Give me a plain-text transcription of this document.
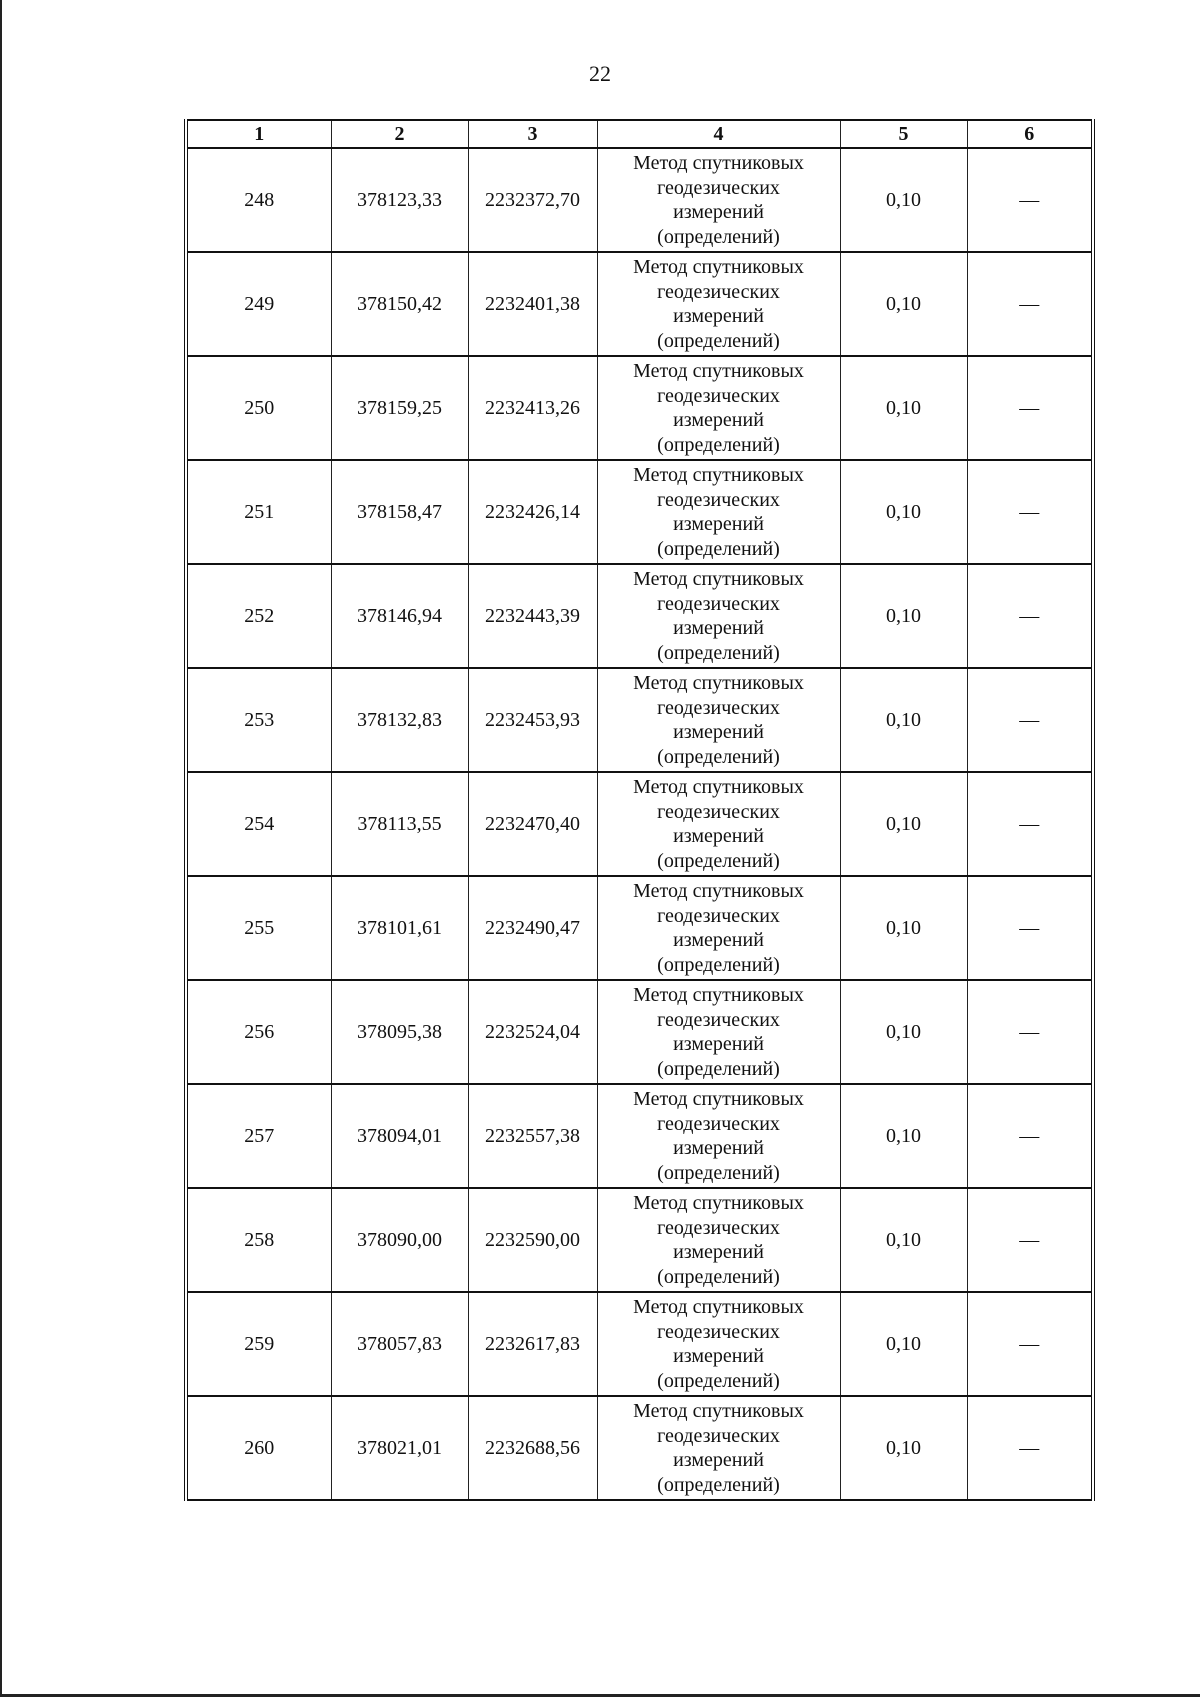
22
1	2	3	4	5	6
248	378123,33	2232372,70	Метод спутниковых
геодезических
измерений
(определений)	0,10	—
249	378150,42	2232401,38	Метод спутниковых
геодезических
измерений
(определений)	0,10	—
250	378159,25	2232413,26	Метод спутниковых
геодезических
измерений
(определений)	0,10	—
251	378158,47	2232426,14	Метод спутниковых
геодезических
измерений
(определений)	0,10	—
252	378146,94	2232443,39	Метод спутниковых
геодезических
измерений
(определений)	0,10	—
253	378132,83	2232453,93	Метод спутниковых
геодезических
измерений
(определений)	0,10	—
254	378113,55	2232470,40	Метод спутниковых
геодезических
измерений
(определений)	0,10	—
255	378101,61	2232490,47	Метод спутниковых
геодезических
измерений
(определений)	0,10	—
256	378095,38	2232524,04	Метод спутниковых
геодезических
измерений
(определений)	0,10	—
257	378094,01	2232557,38	Метод спутниковых
геодезических
измерений
(определений)	0,10	—
258	378090,00	2232590,00	Метод спутниковых
геодезических
измерений
(определений)	0,10	—
259	378057,83	2232617,83	Метод спутниковых
геодезических
измерений
(определений)	0,10	—
260	378021,01	2232688,56	Метод спутниковых
геодезических
измерений
(определений)	0,10	—
